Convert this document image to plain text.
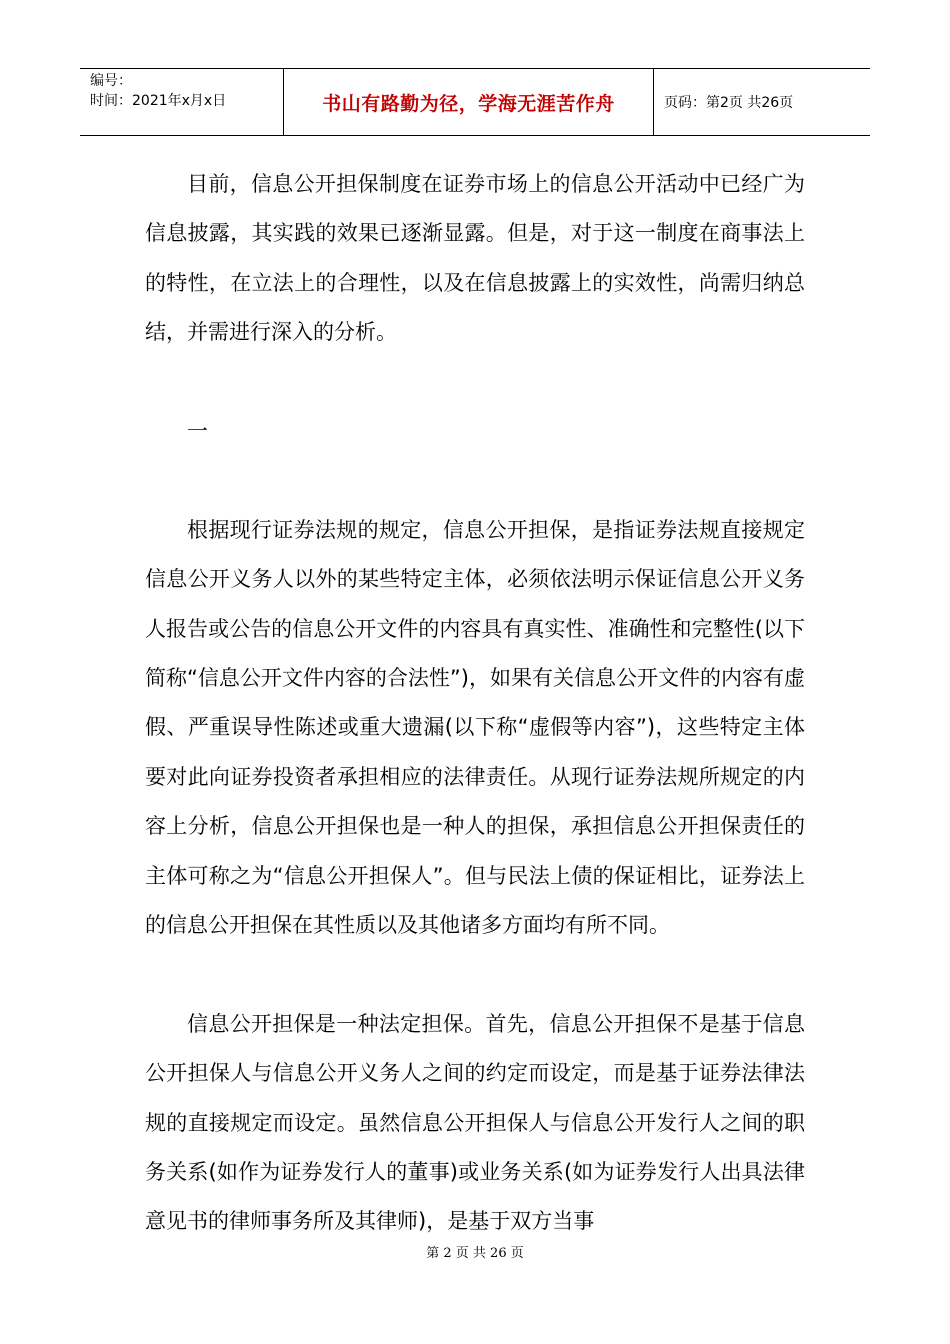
编号：
时间：2021年x月x日	书山有路勤为径，学海无涯苦作舟	页码：第2页 共26页

目前，信息公开担保制度在证券市场上的信息公开活动中已经广为信息披露，其实践的效果已逐渐显露。但是，对于这一制度在商事法上的特性，在立法上的合理性，以及在信息披露上的实效性，尚需归纳总结，并需进行深入的分析。

一

根据现行证券法规的规定，信息公开担保，是指证券法规直接规定信息公开义务人以外的某些特定主体，必须依法明示保证信息公开义务人报告或公告的信息公开文件的内容具有真实性、准确性和完整性(以下简称“信息公开文件内容的合法性”)，如果有关信息公开文件的内容有虚假、严重误导性陈述或重大遗漏(以下称“虚假等内容”)，这些特定主体要对此向证券投资者承担相应的法律责任。从现行证券法规所规定的内容上分析，信息公开担保也是一种人的担保，承担信息公开担保责任的主体可称之为“信息公开担保人”。但与民法上债的保证相比，证券法上的信息公开担保在其性质以及其他诸多方面均有所不同。

信息公开担保是一种法定担保。首先，信息公开担保不是基于信息公开担保人与信息公开义务人之间的约定而设定，而是基于证券法律法规的直接规定而设定。虽然信息公开担保人与信息公开发行人之间的职务关系(如作为证券发行人的董事)或业务关系(如为证券发行人出具法律意见书的律师事务所及其律师)，是基于双方当事

第 2 页 共 26 页
